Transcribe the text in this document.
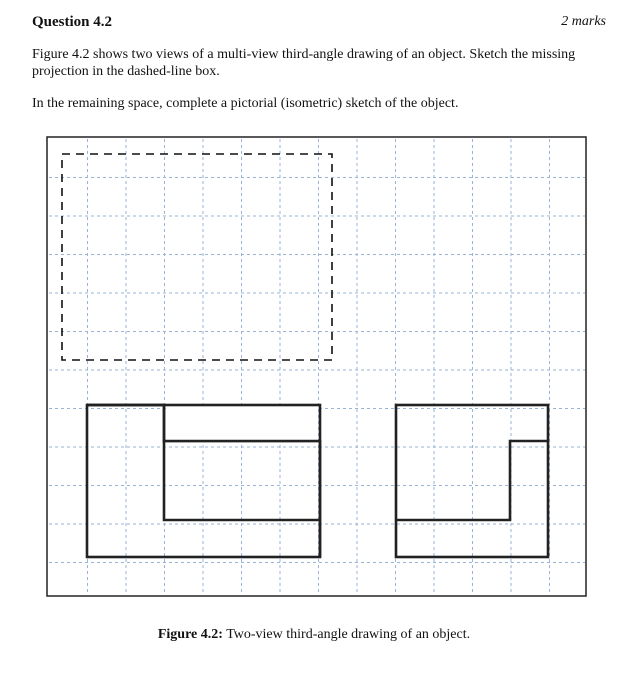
Question 4.2	2 marks
Figure 4.2 shows two views of a multi-view third-angle drawing of an object. Sketch the missing projection in the dashed-line box.
In the remaining space, complete a pictorial (isometric) sketch of the object.
Figure 4.2: Two-view third-angle drawing of an object.
